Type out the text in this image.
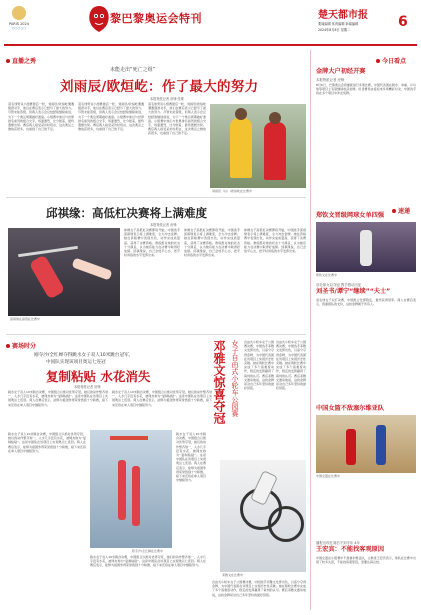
PARIS 2024
○○○○○
黎巴黎奥运会特刊	楚天都市报
要闻编辑 体育编辑 新闻编辑
2024年8月6日 星期二	6
直播之秀
未能走出“死亡之组”
刘雨辰/欧烜屹：作了最大的努力
本报特派记者 房锋 张维
羽毛球男双小组赛最后一轮，刘雨辰/欧烜屹遭遇强劲对手，他们在赛后表示已经尽了最大的努力。尽管未能晋级，但两人表示会总结经验继续前进，为下一个奥运周期做好准备。小组赛中他们与世界排名前列的组合交手，场面激烈，比分胶着，最终遗憾出局。赛后两人接受采访时坦言，这次奥运之旅收获很多，也看到了自己的不足。
羽毛球男双小组赛最后一轮，刘雨辰/欧烜屹遭遇强劲对手，他们在赛后表示已经尽了最大的努力。尽管未能晋级，但两人表示会总结经验继续前进，为下一个奥运周期做好准备。小组赛中他们与世界排名前列的组合交手，场面激烈，比分胶着，最终遗憾出局。赛后两人接受采访时坦言，这次奥运之旅收获很多，也看到了自己的不足。
羽毛球男双小组赛最后一轮，刘雨辰/欧烜屹遭遇强劲对手，他们在赛后表示已经尽了最大的努力。尽管未能晋级，但两人表示会总结经验继续前进，为下一个奥运周期做好准备。小组赛中他们与世界排名前列的组合交手，场面激烈，比分胶着，最终遗憾出局。赛后两人接受采访时坦言，这次奥运之旅收获很多，也看到了自己的不足。
刘雨辰（右）/欧烜屹在比赛中
邱祺缘：高低杠决赛将上满难度
本报特派记者 房锋
邱祺缘在高低杠比赛中
体操女子高低杠决赛即将开始，中国选手邱祺缘表示将上满难度，全力冲击金牌。她在资格赛中表现出色，动作完成质量高，获得了决赛资格。教练组对她的状态十分满意，认为她有能力在决赛中取得好成绩。邱祺缘说，自己会放平心态，把平时训练的水平发挥出来。
体操女子高低杠决赛即将开始，中国选手邱祺缘表示将上满难度，全力冲击金牌。她在资格赛中表现出色，动作完成质量高，获得了决赛资格。教练组对她的状态十分满意，认为她有能力在决赛中取得好成绩。邱祺缘说，自己会放平心态，把平时训练的水平发挥出来。
体操女子高低杠决赛即将开始，中国选手邱祺缘表示将上满难度，全力冲击金牌。她在资格赛中表现出色，动作完成质量高，获得了决赛资格。教练组对她的状态十分满意，认为她有能力在决赛中取得好成绩。邱祺缘说，自己会放平心态，把平时训练的水平发挥出来。
赛场时分
刚夺沙/全红婵夺得跳水女子双人10米跳台冠军，
中国队实现该项目奥运七连冠
复制粘贴 水花消失
本报特派记者 房锋
跳水女子双人10米跳台决赛，中国组合以绝对优势夺冠，她们的动作整齐划一，入水几乎没有水花，被网友称为“复制粘贴”。这是中国队在该项目上实现奥运七连冠。两人在赛后表示，能够为祖国争得荣誉感到十分骄傲，接下来还将在单人项目中继续努力。
跳水女子双人10米跳台决赛，中国组合以绝对优势夺冠，她们的动作整齐划一，入水几乎没有水花，被网友称为“复制粘贴”。这是中国队在该项目上实现奥运七连冠。两人在赛后表示，能够为祖国争得荣誉感到十分骄傲，接下来还将在单人项目中继续努力。
陈芋汐/全红婵在比赛中
跳水女子双人10米跳台决赛，中国组合以绝对优势夺冠，她们的动作整齐划一，入水几乎没有水花，被网友称为“复制粘贴”。这是中国队在该项目上实现奥运七连冠。两人在赛后表示，能够为祖国争得荣誉感到十分骄傲，接下来还将在单人项目中继续努力。
跳水女子双人10米跳台决赛，中国组合以绝对优势夺冠，她们的动作整齐划一，入水几乎没有水花，被网友称为“复制粘贴”。这是中国队在该项目上实现奥运七连冠。两人在赛后表示，能够为祖国争得荣誉感到十分骄傲，接下来还将在单人项目中继续努力。
跳水女子双人10米跳台决赛，中国组合以绝对优势夺冠，她们的动作整齐划一，入水几乎没有水花，被网友称为“复制粘贴”。这是中国队在该项目上实现奥运七连冠。两人在赛后表示，能够为祖国争得荣誉感到十分骄傲，接下来还将在单人项目中继续努力。
邓雅文惊喜夺冠 女子自由式小轮车公园赛 自由式小轮车女子公园赛决赛，中国选手邓雅文发挥出色，以高分夺得金牌，为中国代表团在该项目上实现历史性突破。她在两轮比赛中完成了多个高难度动作，稳定的发挥赢得了裁判的认可。赛后邓雅文激动地说，这枚金牌是对自己多年坚持的最好回报。
自由式小轮车女子公园赛决赛，中国选手邓雅文发挥出色，以高分夺得金牌，为中国代表团在该项目上实现历史性突破。她在两轮比赛中完成了多个高难度动作，稳定的发挥赢得了裁判的认可。赛后邓雅文激动地说，这枚金牌是对自己多年坚持的最好回报。
邓雅文在比赛中
自由式小轮车女子公园赛决赛，中国选手邓雅文发挥出色，以高分夺得金牌，为中国代表团在该项目上实现历史性突破。她在两轮比赛中完成了多个高难度动作，稳定的发挥赢得了裁判的认可。赛后邓雅文激动地说，这枚金牌是对自己多年坚持的最好回报。
今日看点
金牌大户初经开赛
本报特派记者 房锋
8月6日，巴黎奥运会将继续进行多项比赛，中国代表团在跳水、举重、乒乓球等项目上有望继续收获金牌。田径赛场也将迎来多场精彩对决，中国选手将在多个项目中冲击奖牌。
速递
郑钦文晋级网球女单四强
郑钦文在比赛中
羽毛球女双夺冠 携手感动出征
刘圣书/谭宁“继续”“夫士”
羽毛球女子双打决赛，中国组合发挥稳定，最终获得冠军。两人在赛后表示，感谢团队的支持，这枚金牌属于所有人。
中国女篮不敌塞尔维亚队
中国女篮在比赛中
播报出现在赛后不到半年 4年
王宏宾：不能找客观原因
中国女篮在小组赛中不敌塞尔维亚队，主教练王宏宾表示，球队在比赛中出现了较多失误，不能找客观原因，需要认真总结。
